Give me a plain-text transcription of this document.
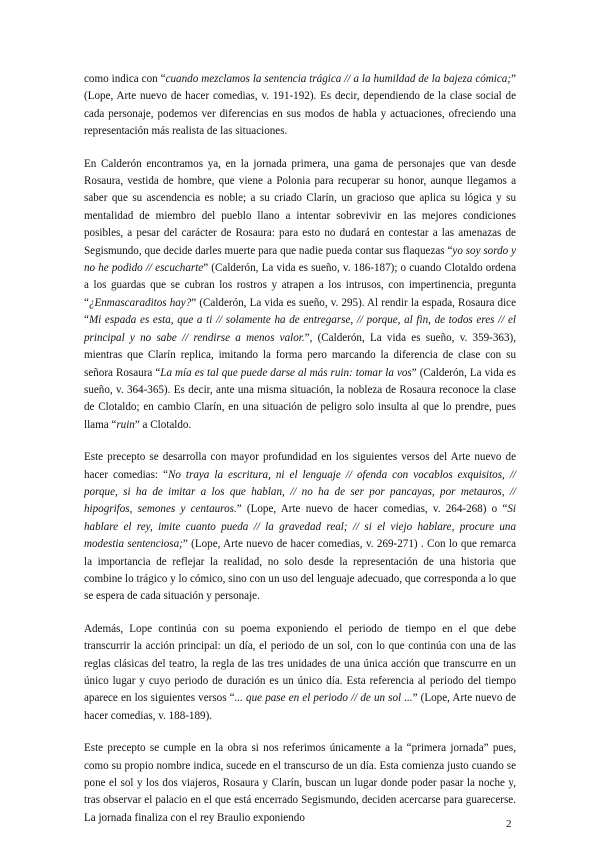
como indica con “cuando mezclamos la sentencia trágica // a la humildad de la bajeza cómica;” (Lope, Arte nuevo de hacer comedias, v. 191-192). Es decir, dependiendo de la clase social de cada personaje, podemos ver diferencias en sus modos de habla y actuaciones, ofreciendo una representación más realista de las situaciones.

En Calderón encontramos ya, en la jornada primera, una gama de personajes que van desde Rosaura, vestida de hombre, que viene a Polonia para recuperar su honor, aunque llegamos a saber que su ascendencia es noble; a su criado Clarín, un gracioso que aplica su lógica y su mentalidad de miembro del pueblo llano a intentar sobrevivir en las mejores condiciones posibles, a pesar del carácter de Rosaura: para esto no dudará en contestar a las amenazas de Segismundo, que decide darles muerte para que nadie pueda contar sus flaquezas “yo soy sordo y no he podido // escucharte” (Calderón, La vida es sueño, v. 186-187); o cuando Clotaldo ordena a los guardas que se cubran los rostros y atrapen a los intrusos, con impertinencia, pregunta “¿Enmascaraditos hay?” (Calderón, La vida es sueño, v. 295). Al rendir la espada, Rosaura dice “Mi espada es esta, que a ti // solamente ha de entregarse, // porque, al fin, de todos eres // el principal y no sabe // rendirse a menos valor.”, (Calderón, La vida es sueño, v. 359-363), mientras que Clarín replica, imitando la forma pero marcando la diferencia de clase con su señora Rosaura “La mía es tal que puede darse al más ruin: tomar la vos” (Calderón, La vida es sueño, v. 364-365). Es decir, ante una misma situación, la nobleza de Rosaura reconoce la clase de Clotaldo; en cambio Clarín, en una situación de peligro solo insulta al que lo prendre, pues llama “ruin” a Clotaldo.

Este precepto se desarrolla con mayor profundidad en los siguientes versos del Arte nuevo de hacer comedias: “No traya la escritura, ni el lenguaje // ofenda con vocablos exquisitos, // porque, si ha de imitar a los que hablan, // no ha de ser por pancayas, por metauros, // hipogrifos, semones y centauros.” (Lope, Arte nuevo de hacer comedias, v. 264-268) o “Si hablare el rey, imite cuanto pueda // la gravedad real; // si el viejo hablare, procure una modestia sentenciosa;” (Lope, Arte nuevo de hacer comedias, v. 269-271) . Con lo que remarca la importancia de reflejar la realidad, no solo desde la representación de una historia que combine lo trágico y lo cómico, sino con un uso del lenguaje adecuado, que corresponda a lo que se espera de cada situación y personaje.

Además, Lope continúa con su poema exponiendo el periodo de tiempo en el que debe transcurrir la acción principal: un día, el periodo de un sol, con lo que continúa con una de las reglas clásicas del teatro, la regla de las tres unidades de una única acción que transcurre en un único lugar y cuyo periodo de duración es un único día. Esta referencia al periodo del tiempo aparece en los siguientes versos “... que pase en el periodo // de un sol ...” (Lope, Arte nuevo de hacer comedias, v. 188-189).

Este precepto se cumple en la obra si nos referimos únicamente a la “primera jornada” pues, como su propio nombre indica, sucede en el transcurso de un día. Esta comienza justo cuando se pone el sol y los dos viajeros, Rosaura y Clarín, buscan un lugar donde poder pasar la noche y, tras observar el palacio en el que está encerrado Segismundo, deciden acercarse para guarecerse. La jornada finaliza con el rey Braulio exponiendo

2
